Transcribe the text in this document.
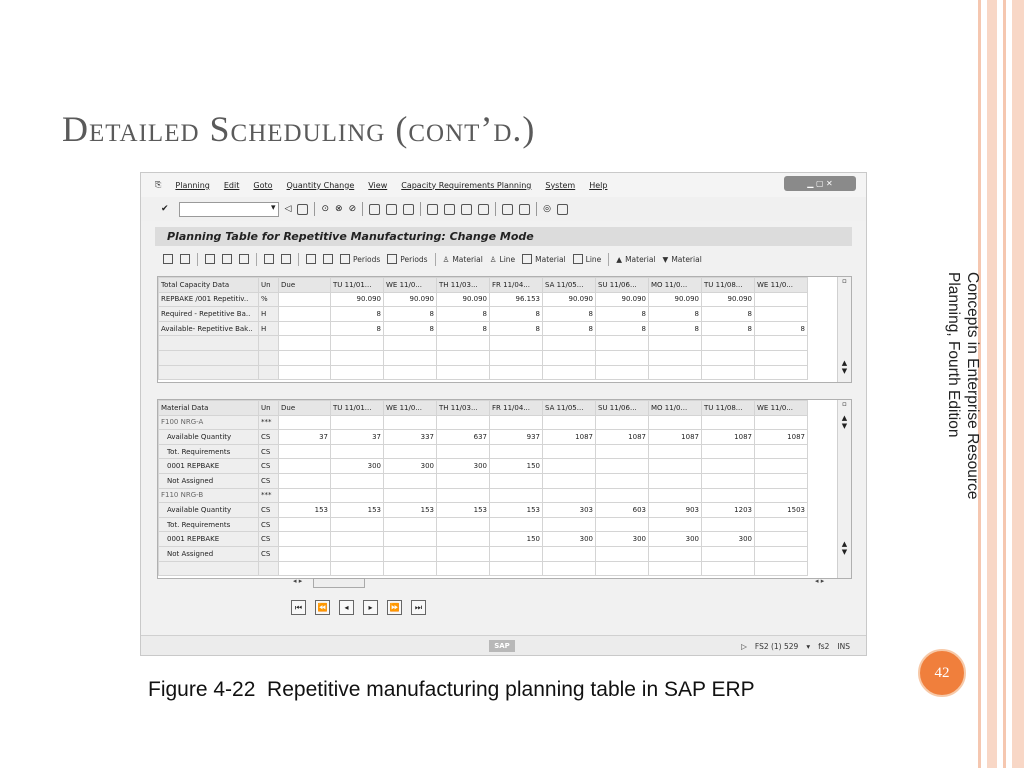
Detailed Scheduling (cont’d.)
Concepts in Enterprise Resource
Planning, Fourth Edition
42
Figure 4-22  Repetitive manufacturing planning table in SAP ERP
⎘ Planning Edit Goto Quantity Change View Capacity Requirements Planning System Help	▁ ▢ ✕
✔ ▾	◁	⊙ ⊗ ⊘	◎
Planning Table for Repetitive Manufacturing: Change Mode
Periods	Periods ♙ Material ♙ Line	Material	Line ▲ Material ▼ Material
Total Capacity Data	Un	Due	TU 11/01...	WE 11/0...	TH 11/03...	FR 11/04...	SA 11/05...	SU 11/06...	MO 11/0...	TU 11/08...	WE 11/0...
REPBAKE /001 Repetitiv..	%		90.090	90.090	90.090	96.153	90.090	90.090	90.090	90.090	
Required - Repetitive Ba..	H		8	8	8	8	8	8	8	8	
Available- Repetitive Bak..	H		8	8	8	8	8	8	8	8	8

▫
▲
▼
Material Data	Un	Due	TU 11/01...	WE 11/0...	TH 11/03...	FR 11/04...	SA 11/05...	SU 11/06...	MO 11/0...	TU 11/08...	WE 11/0...
F100 NRG-A	***										
Available Quantity	CS	37	37	337	637	937	1087	1087	1087	1087	1087
Tot. Requirements	CS										
0001 REPBAKE	CS		300	300	300	150					
Not Assigned	CS										
F110 NRG-B	***										
Available Quantity	CS	153	153	153	153	153	303	603	903	1203	1503
Tot. Requirements	CS										
0001 REPBAKE	CS					150	300	300	300	300	
Not Assigned	CS										

▫
▲
▼
▲
▼
◂ ▸	◂ ▸
⏮	⏪	◂	▸	⏩	⏭
SAP	▷ FS2 (1) 529 ▾ fs2 INS
